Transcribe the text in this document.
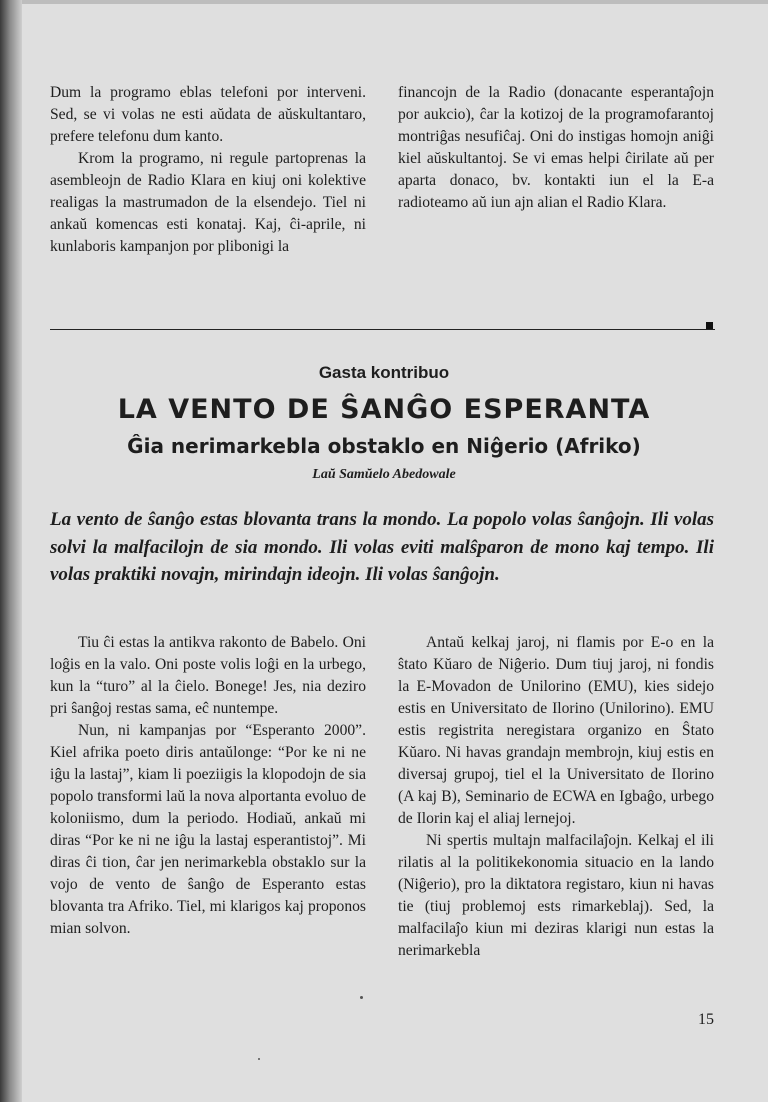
Dum la programo eblas telefoni por interveni. Sed, se vi volas ne esti aŭdata de aŭskultantaro, prefere telefonu dum kanto.

Krom la programo, ni regule partoprenas la asembleojn de Radio Klara en kiuj oni kolektive realigas la mastrumadon de la elsendejo. Tiel ni ankaŭ komencas esti konataj. Kaj, ĉi-aprile, ni kunlaboris kampanjon por plibonigi la

financojn de la Radio (donacante esperantaĵojn por aukcio), ĉar la kotizoj de la programofarantoj montriĝas nesufiĉaj. Oni do instigas homojn aniĝi kiel aŭskultantoj. Se vi emas helpi ĉirilate aŭ per aparta donaco, bv. kontakti iun el la E-a radioteamo aŭ iun ajn alian el Radio Klara.

Gasta kontribuo
LA VENTO DE ŜANĜO ESPERANTA
Ĝia nerimarkebla obstaklo en Niĝerio (Afriko)
Laŭ Samŭelo Abedowale
La vento de ŝanĝo estas blovanta trans la mondo. La popolo volas ŝanĝojn. Ili volas solvi la malfacilojn de sia mondo. Ili volas eviti malŝparon de mono kaj tempo. Ili volas praktiki novajn, mirindajn ideojn. Ili volas ŝanĝojn.

Tiu ĉi estas la antikva rakonto de Babelo. Oni loĝis en la valo. Oni poste volis loĝi en la urbego, kun la “turo” al la ĉielo. Bonege! Jes, nia deziro pri ŝanĝoj restas sama, eĉ nuntempe.

Nun, ni kampanjas por “Esperanto 2000”. Kiel afrika poeto diris antaŭlonge: “Por ke ni ne iĝu la lastaj”, kiam li poeziigis la klopodojn de sia popolo transformi laŭ la nova alportanta evoluo de koloniismo, dum la periodo. Hodiaŭ, ankaŭ mi diras “Por ke ni ne iĝu la lastaj esperantistoj”. Mi diras ĉi tion, ĉar jen nerimarkebla obstaklo sur la vojo de vento de ŝanĝo de Esperanto estas blovanta tra Afriko. Tiel, mi klarigos kaj proponos mian solvon.

Antaŭ kelkaj jaroj, ni flamis por E-o en la ŝtato Kŭaro de Niĝerio. Dum tiuj jaroj, ni fondis la E-Movadon de Unilorino (EMU), kies sidejo estis en Universitato de Ilorino (Unilorino). EMU estis registrita neregistara organizo en Ŝtato Kŭaro. Ni havas grandajn membrojn, kiuj estis en diversaj grupoj, tiel el la Universitato de Ilorino (A kaj B), Seminario de ECWA en Igbaĝo, urbego de Ilorin kaj el aliaj lernejoj.

Ni spertis multajn malfacilaĵojn. Kelkaj el ili rilatis al la politikekonomia situacio en la lando (Niĝerio), pro la diktatora registaro, kiun ni havas tie (tiuj problemoj ests rimarkeblaj). Sed, la malfacilaĵo kiun mi deziras klarigi nun estas la nerimarkebla

15
